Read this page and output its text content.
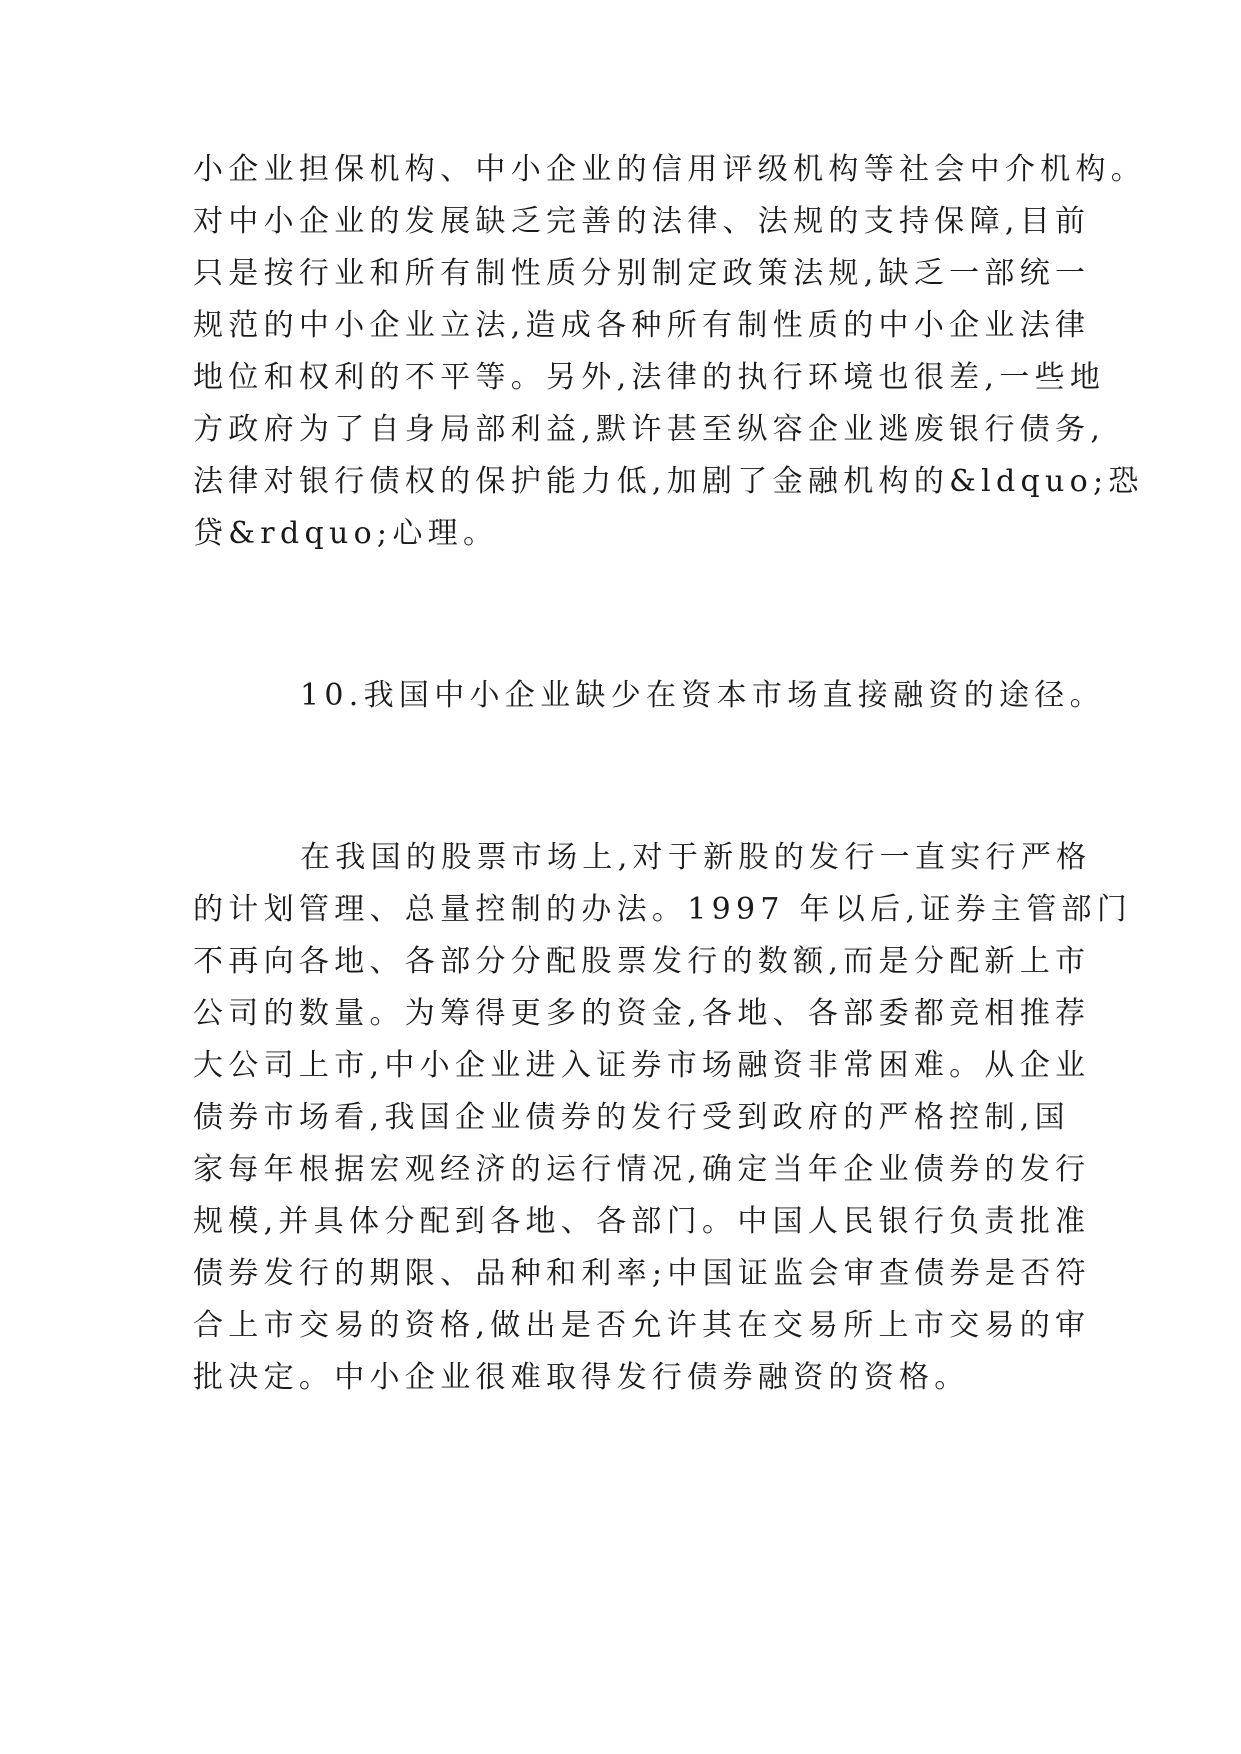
小企业担保机构、中小企业的信用评级机构等社会中介机构。
对中小企业的发展缺乏完善的法律、法规的支持保障,目前
只是按行业和所有制性质分别制定政策法规,缺乏一部统一
规范的中小企业立法,造成各种所有制性质的中小企业法律
地位和权利的不平等。另外,法律的执行环境也很差,一些地
方政府为了自身局部利益,默许甚至纵容企业逃废银行债务,
法律对银行债权的保护能力低,加剧了金融机构的&ldquo;恐
贷&rdquo;心理。
10.我国中小企业缺少在资本市场直接融资的途径。
在我国的股票市场上,对于新股的发行一直实行严格
的计划管理、总量控制的办法。1997 年以后,证券主管部门
不再向各地、各部分分配股票发行的数额,而是分配新上市
公司的数量。为筹得更多的资金,各地、各部委都竞相推荐
大公司上市,中小企业进入证券市场融资非常困难。从企业
债券市场看,我国企业债券的发行受到政府的严格控制,国
家每年根据宏观经济的运行情况,确定当年企业债券的发行
规模,并具体分配到各地、各部门。中国人民银行负责批准
债券发行的期限、品种和利率;中国证监会审查债券是否符
合上市交易的资格,做出是否允许其在交易所上市交易的审
批决定。中小企业很难取得发行债券融资的资格。
